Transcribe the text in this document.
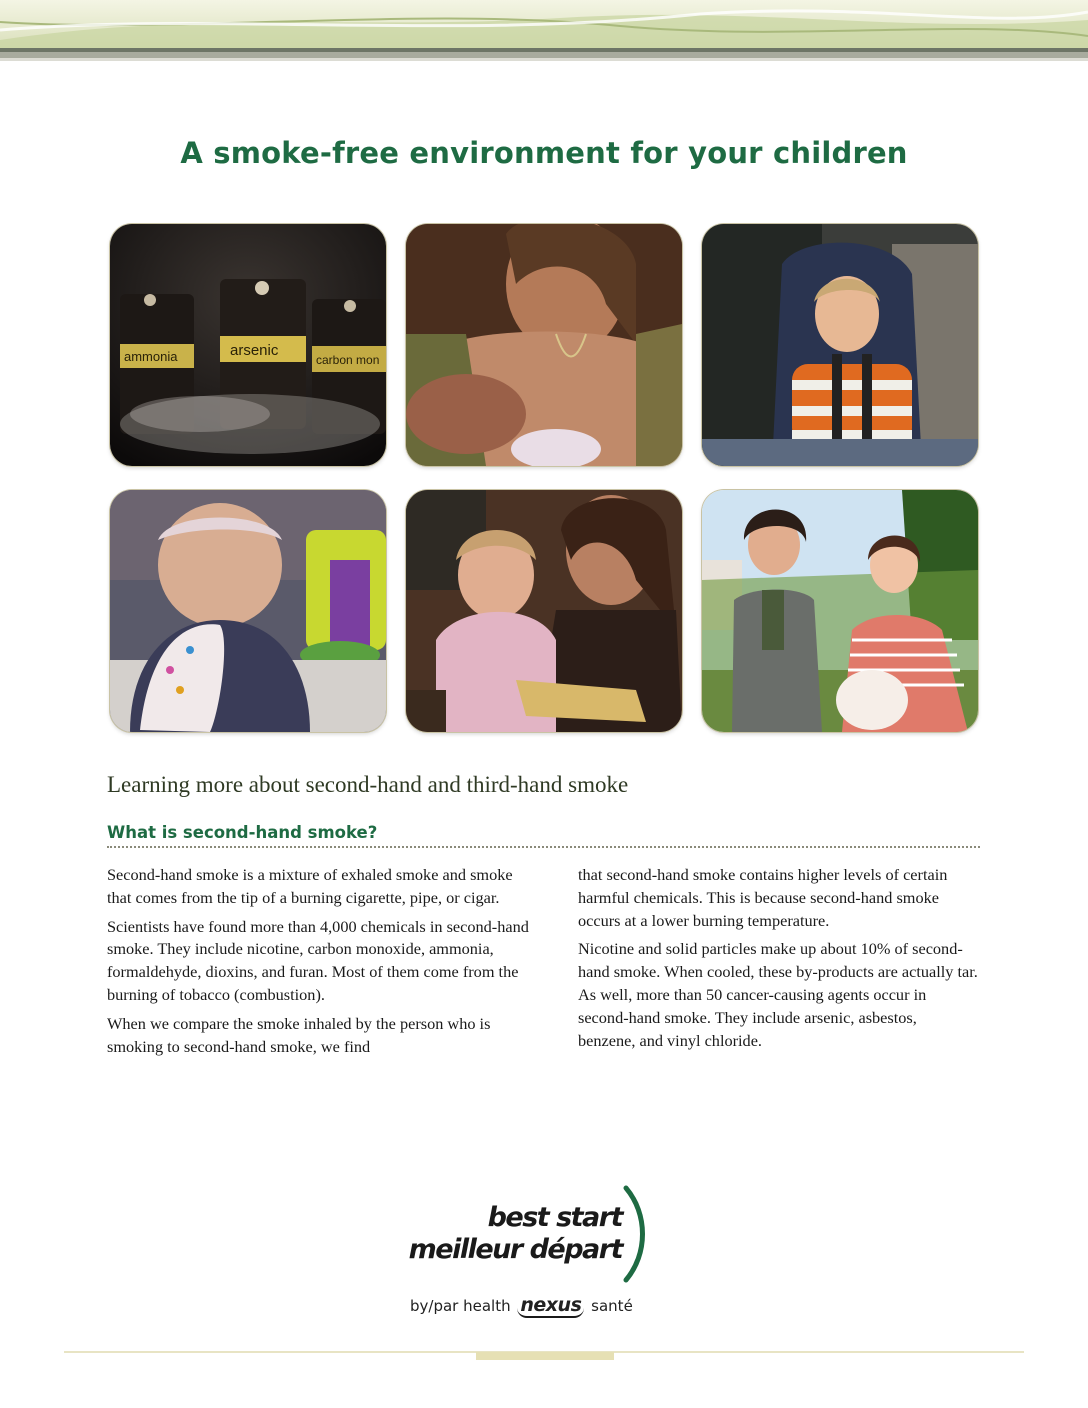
A smoke-free environment for your children
ammonia	arsenic
carbon mon
Learning more about second-hand and third-hand smoke
What is second-hand smoke?

Second-hand smoke is a mixture of exhaled smoke and smoke that comes from the tip of a burning cigarette, pipe, or cigar.

Scientists have found more than 4,000 chemicals in second-hand smoke. They include nicotine, carbon monoxide, ammonia, formaldehyde, dioxins, and furan. Most of them come from the burning of tobacco (combustion).

When we compare the smoke inhaled by the person who is smoking to second-hand smoke, we find

that second-hand smoke contains higher levels of certain harmful chemicals. This is because second-hand smoke occurs at a lower burning temperature.

Nicotine and solid particles make up about 10% of second-hand smoke. When cooled, these by-products are actually tar. As well, more than 50 cancer-causing agents occur in second-hand smoke. They include arsenic, asbestos, benzene, and vinyl chloride.

best start
meilleur départ
by/par health nexus santé
